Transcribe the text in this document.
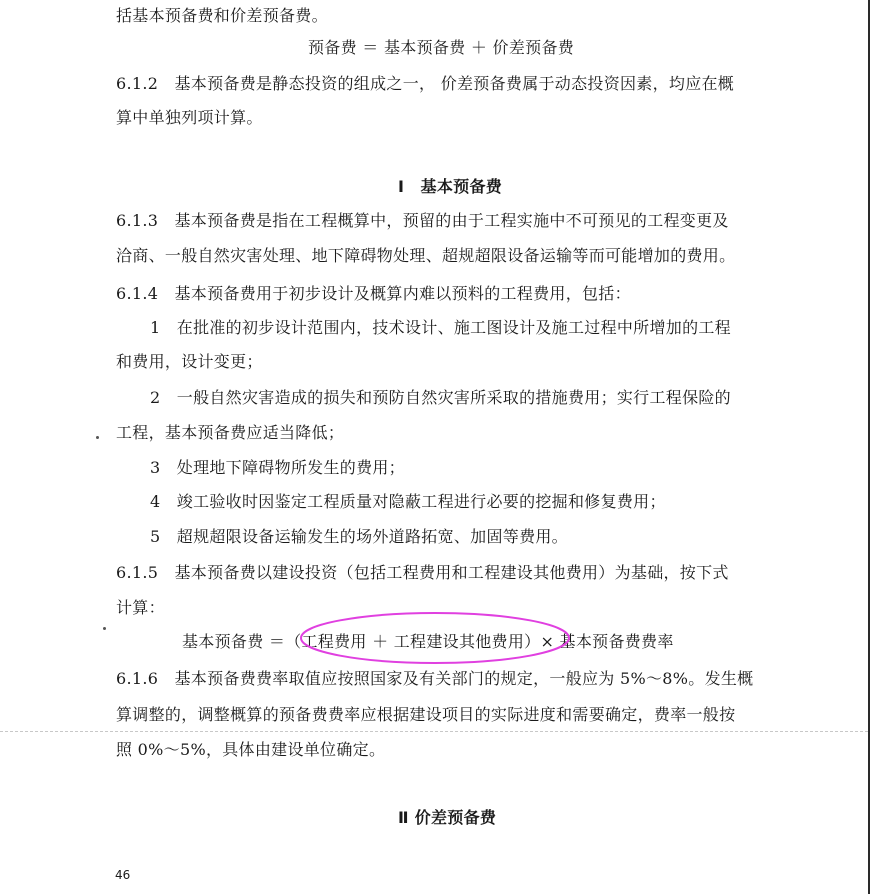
括基本预备费和价差预备费。
预备费 ＝ 基本预备费 ＋ 价差预备费
6.1.2　基本预备费是静态投资的组成之一， 价差预备费属于动态投资因素，均应在概
算中单独列项计算。
Ⅰ　基本预备费
6.1.3　基本预备费是指在工程概算中，预留的由于工程实施中不可预见的工程变更及
洽商、一般自然灾害处理、地下障碍物处理、超规超限设备运输等而可能增加的费用。
6.1.4　基本预备费用于初步设计及概算内难以预料的工程费用，包括：
1　在批准的初步设计范围内，技术设计、施工图设计及施工过程中所增加的工程
和费用，设计变更；
2　一般自然灾害造成的损失和预防自然灾害所采取的措施费用；实行工程保险的
工程，基本预备费应适当降低；
3　处理地下障碍物所发生的费用；
4　竣工验收时因鉴定工程质量对隐蔽工程进行必要的挖掘和修复费用；
5　超规超限设备运输发生的场外道路拓宽、加固等费用。
6.1.5　基本预备费以建设投资（包括工程费用和工程建设其他费用）为基础，按下式
计算：
基本预备费 ＝（工程费用 ＋ 工程建设其他费用）× 基本预备费费率
6.1.6　基本预备费费率取值应按照国家及有关部门的规定，一般应为 5%～8%。发生概
算调整的，调整概算的预备费费率应根据建设项目的实际进度和需要确定，费率一般按
照 0%～5%，具体由建设单位确定。
Ⅱ 价差预备费
46
